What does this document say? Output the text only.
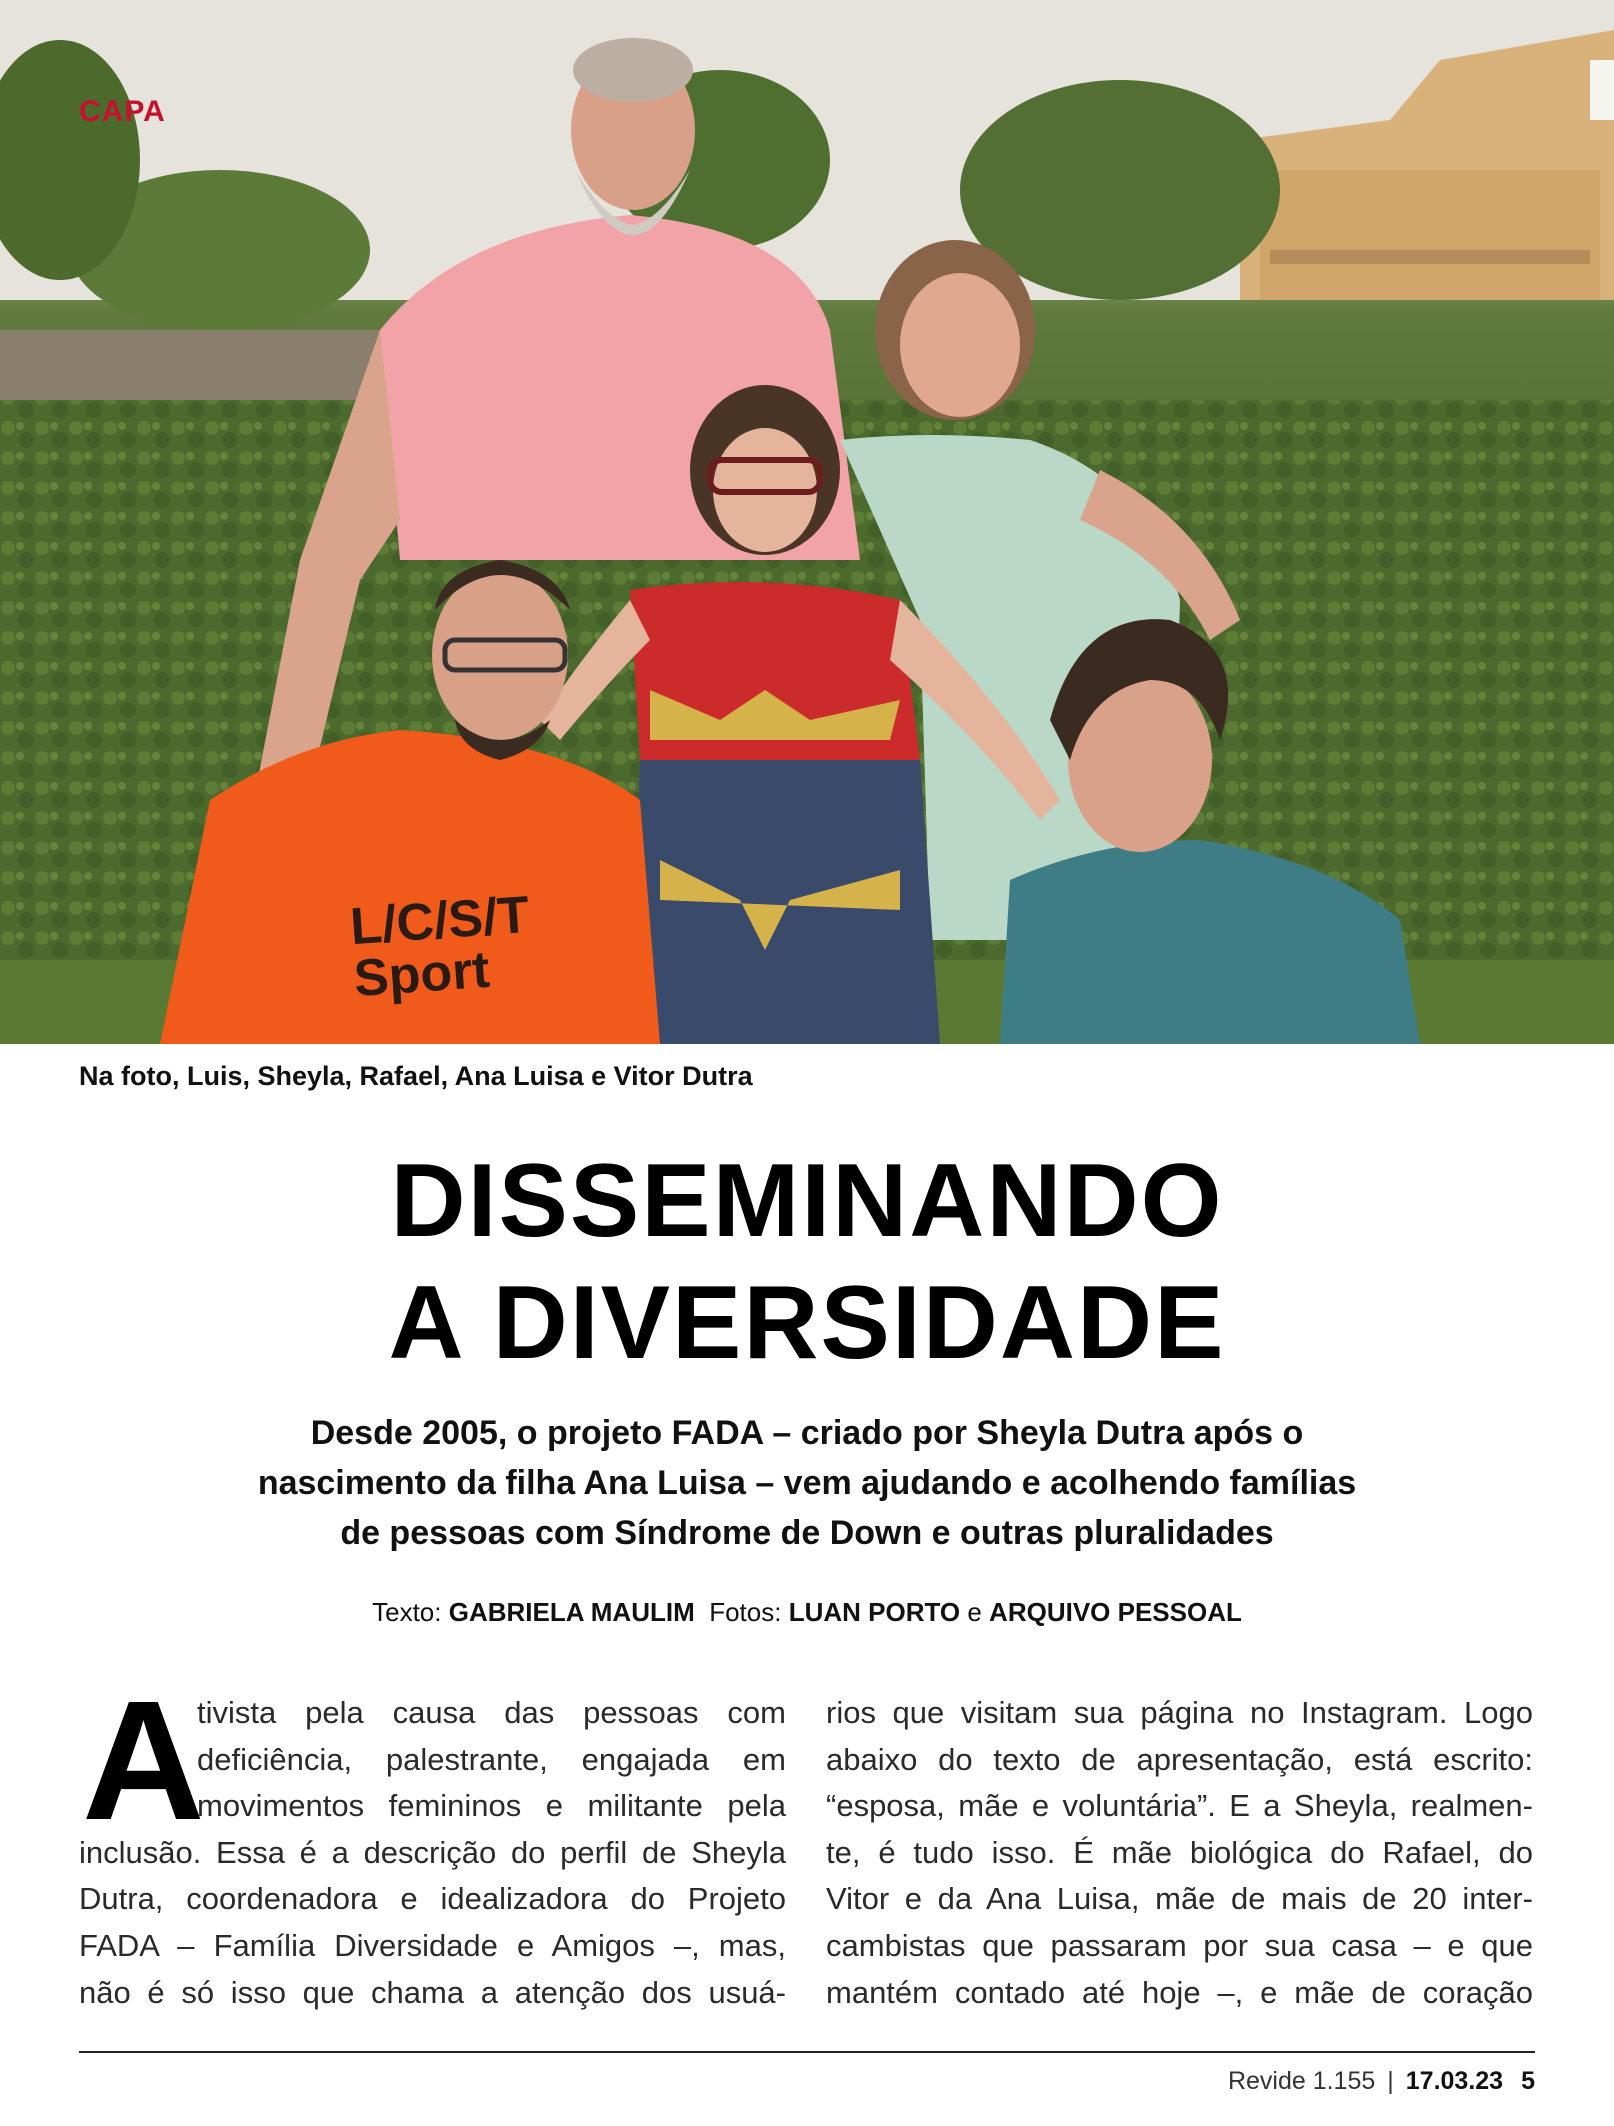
CAPA
L/C/S/T
Sport
Na foto, Luis, Sheyla, Rafael, Ana Luisa e Vitor Dutra
DISSEMINANDO
A DIVERSIDADE
Desde 2005, o projeto FADA – criado por Sheyla Dutra após o
nascimento da filha Ana Luisa – vem ajudando e acolhendo famílias
de pessoas com Síndrome de Down e outras pluralidades
Texto: GABRIELA MAULIM Fotos: LUAN PORTO e ARQUIVO PESSOAL
A
tivista pela causa das pessoas com
deficiência, palestrante, engajada em
movimentos femininos e militante pela
inclusão. Essa é a descrição do perfil de Sheyla
Dutra, coordenadora e idealizadora do Projeto
FADA – Família Diversidade e Amigos –, mas,
não é só isso que chama a atenção dos usuá-
rios que visitam sua página no Instagram. Logo
abaixo do texto de apresentação, está escrito:
“esposa, mãe e voluntária”. E a Sheyla, realmen-
te, é tudo isso. É mãe biológica do Rafael, do
Vitor e da Ana Luisa, mãe de mais de 20 inter-
cambistas que passaram por sua casa – e que
mantém contado até hoje –, e mãe de coração
Revide 1.155 | 17.03.23 5
